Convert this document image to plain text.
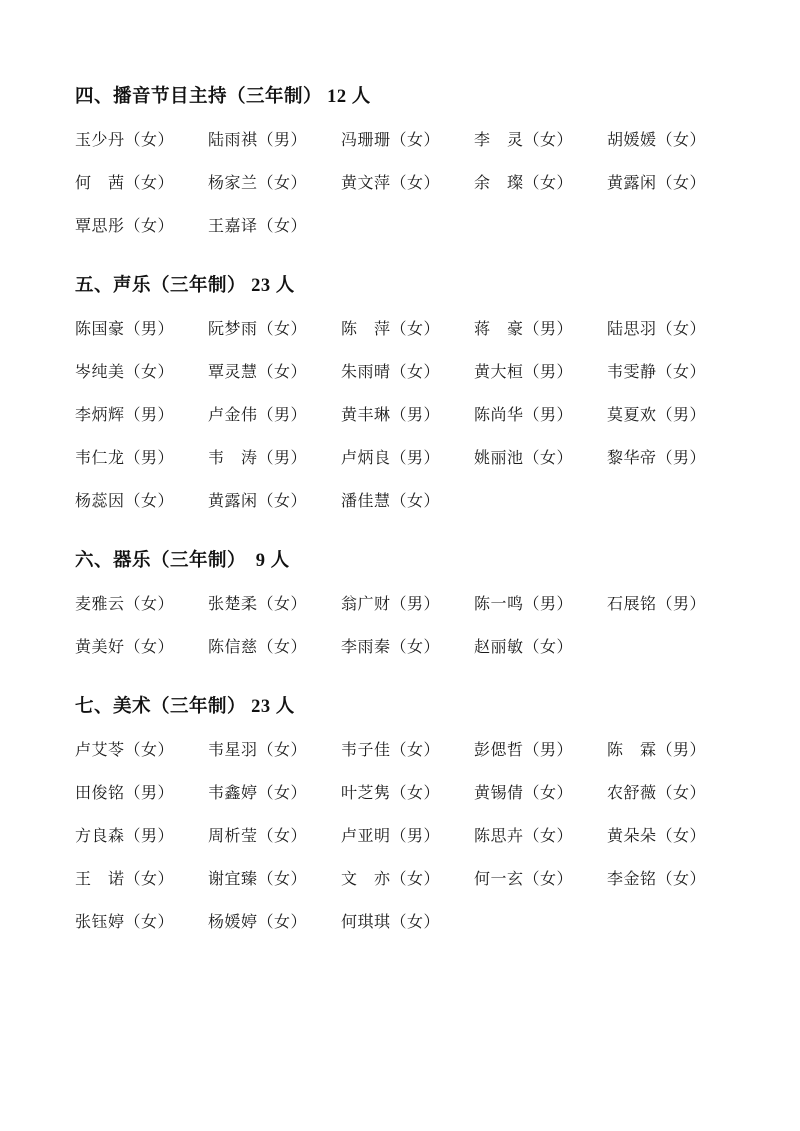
四、播音节目主持（三年制） 12 人
玉少丹（女）	陆雨祺（男）	冯珊珊（女）	李　灵（女）	胡媛媛（女）
何　茜（女）	杨家兰（女）	黄文萍（女）	余　璨（女）	黄露闲（女）
覃思彤（女）	王嘉译（女）
五、声乐（三年制） 23 人
陈国豪（男）	阮梦雨（女）	陈　萍（女）	蒋　豪（男）	陆思羽（女）
岑纯美（女）	覃灵慧（女）	朱雨晴（女）	黄大桓（男）	韦雯静（女）
李炳辉（男）	卢金伟（男）	黄丰琳（男）	陈尚华（男）	莫夏欢（男）
韦仁龙（男）	韦　涛（男）	卢炳良（男）	姚丽池（女）	黎华帝（男）
杨蕊因（女）	黄露闲（女）	潘佳慧（女）
六、器乐（三年制）　9 人
麦雅云（女）	张楚柔（女）	翁广财（男）	陈一鸣（男）	石展铭（男）
黄美好（女）	陈信慈（女）	李雨秦（女）	赵丽敏（女）
七、美术（三年制） 23 人
卢艾苓（女）	韦星羽（女）	韦子佳（女）	彭偲哲（男）	陈　霖（男）
田俊铭（男）	韦鑫婷（女）	叶芝隽（女）	黄锡倩（女）	农舒薇（女）
方良森（男）	周析莹（女）	卢亚明（男）	陈思卉（女）	黄朵朵（女）
王　诺（女）	谢宜臻（女）	文　亦（女）	何一玄（女）	李金铭（女）
张钰婷（女）	杨媛婷（女）	何琪琪（女）
